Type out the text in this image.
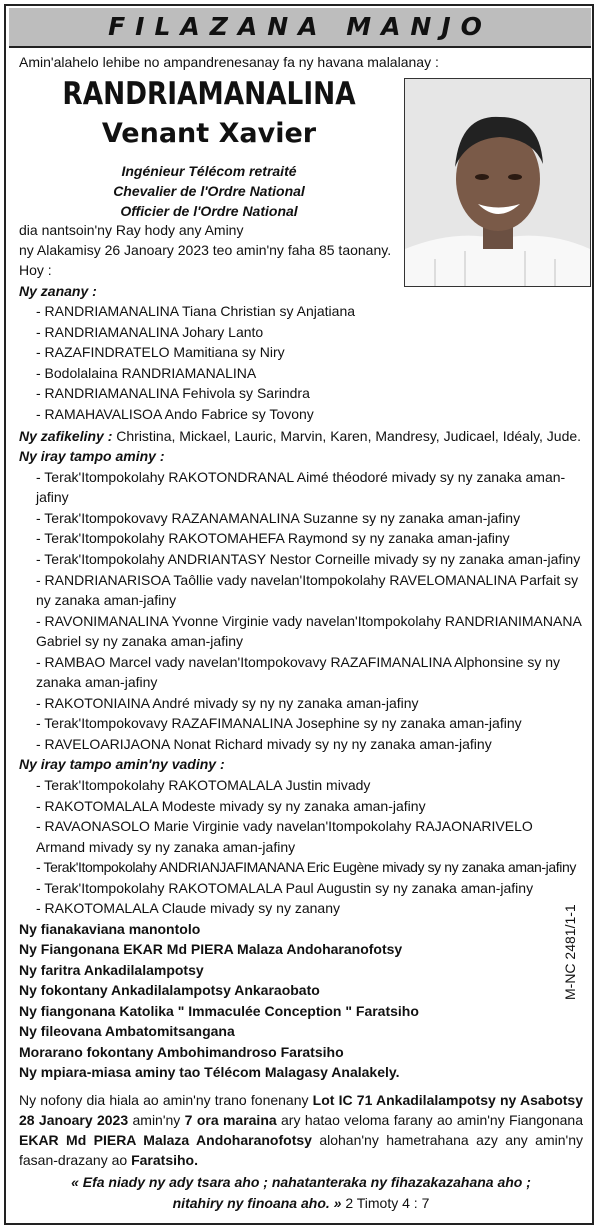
FILAZANA MANJO
Amin'alahelo lehibe no ampandrenesanay fa ny havana malalanay :
RANDRIAMANALINA
Venant Xavier
Ingénieur Télécom retraité
Chevalier de l'Ordre National
Officier de l'Ordre National
dia nantsoin'ny Ray hody any Aminy
ny Alakamisy 26 Janoary 2023 teo amin'ny faha 85 taonany.
Hoy :
Ny zanany :
- RANDRIAMANALINA Tiana Christian sy Anjatiana
- RANDRIAMANALINA Johary Lanto
- RAZAFINDRATELO Mamitiana sy Niry
- Bodolalaina RANDRIAMANALINA
- RANDRIAMANALINA Fehivola sy Sarindra
- RAMAHAVALISOA Ando Fabrice sy Tovony
Ny zafikeliny : Christina, Mickael, Lauric, Marvin, Karen, Mandresy, Judicael, Idéaly, Jude.
Ny iray tampo aminy :
- Terak'Itompokolahy RAKOTONDRANAL Aimé théodoré mivady sy ny zanaka aman-
jafiny
- Terak'Itompokovavy RAZANAMANALINA Suzanne sy ny zanaka aman-jafiny
- Terak'Itompokolahy RAKOTOMAHEFA Raymond sy ny zanaka aman-jafiny
- Terak'Itompokolahy ANDRIANTASY Nestor Corneille mivady sy ny zanaka aman-jafiny
- RANDRIANARISOA Taôllie vady navelan'Itompokolahy RAVELOMANALINA Parfait sy
ny zanaka aman-jafiny
- RAVONIMANALINA Yvonne Virginie vady navelan'Itompokolahy RANDRIANIMANANA
Gabriel sy ny zanaka aman-jafiny
- RAMBAO Marcel vady navelan'Itompokovavy RAZAFIMANALINA Alphonsine sy ny
zanaka aman-jafiny
- RAKOTONIAINA André mivady sy ny ny zanaka aman-jafiny
- Terak'Itompokovavy RAZAFIMANALINA Josephine sy ny zanaka aman-jafiny
- RAVELOARIJAONA Nonat Richard mivady sy ny ny zanaka aman-jafiny
Ny iray tampo amin'ny vadiny :
- Terak'Itompokolahy RAKOTOMALALA Justin mivady
- RAKOTOMALALA Modeste mivady sy ny zanaka aman-jafiny
- RAVAONASOLO Marie Virginie vady navelan'Itompokolahy RAJAONARIVELO
Armand mivady sy ny zanaka aman-jafiny
- Terak'Itompokolahy ANDRIANJAFIMANANA Eric Eugène mivady sy ny zanaka aman-jafiny
- Terak'Itompokolahy RAKOTOMALALA Paul Augustin sy ny zanaka aman-jafiny
- RAKOTOMALALA Claude mivady sy ny zanany
Ny fianakaviana manontolo
Ny Fiangonana EKAR Md PIERA Malaza Andoharanofotsy
Ny faritra Ankadilalampotsy
Ny fokontany Ankadilalampotsy Ankaraobato
Ny fiangonana Katolika " Immaculée Conception " Faratsiho
Ny fileovana Ambatomitsangana
Morarano fokontany Ambohimandroso Faratsiho
Ny mpiara-miasa aminy tao Télécom Malagasy Analakely.
M-NC 2481/1-1
Ny nofony dia hiala ao amin'ny trano fonenany Lot IC 71 Ankadilalampotsy ny Asabotsy 28 Janoary 2023 amin'ny 7 ora maraina ary hatao veloma farany ao amin'ny Fiangonana EKAR Md PIERA Malaza Andoharanofotsy alohan'ny hametrahana azy any amin'ny fasan-drazany ao Faratsiho.
« Efa niady ny ady tsara aho ; nahatanteraka ny fihazakazahana aho ;
nitahiry ny finoana aho. » 2 Timoty 4 : 7
